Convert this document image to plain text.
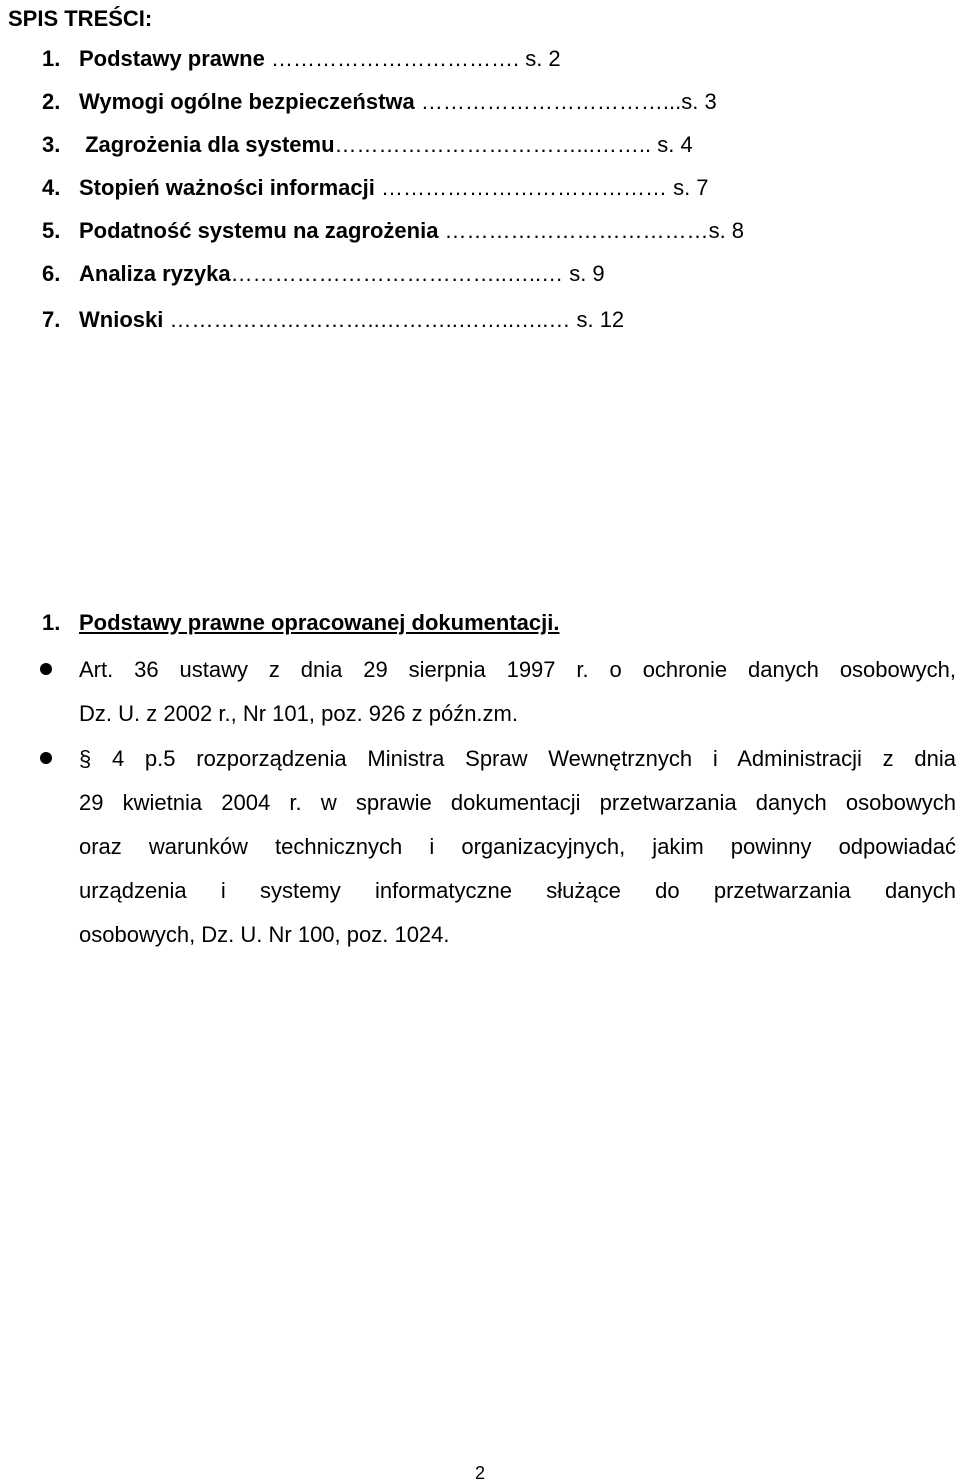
SPIS TREŚCI:
1. Podstawy prawne ……………………………. s. 2
2. Wymogi ogólne bezpieczeństwa ……………………………...s. 3
3. Zagrożenia dla systemu……………………………...…….. s. 4
4. Stopień ważności informacji ………………………………… s. 7
5. Podatność systemu na zagrożenia ………………………………s. 8
6. Analiza ryzyka………………………………..…..… s. 9
7. Wnioski ………………………..………..……..…..… s. 12
1. Podstawy prawne opracowanej dokumentacji.
Art. 36 ustawy z dnia 29 sierpnia 1997 r. o ochronie danych osobowych,
Dz. U. z 2002 r., Nr 101, poz. 926 z późn.zm.
§ 4 p.5 rozporządzenia Ministra Spraw Wewnętrznych i Administracji z dnia
29 kwietnia 2004 r. w sprawie dokumentacji przetwarzania danych osobowych
oraz warunków technicznych i organizacyjnych, jakim powinny odpowiadać
urządzenia i systemy informatyczne służące do przetwarzania danych
osobowych, Dz. U. Nr 100, poz. 1024.
2
